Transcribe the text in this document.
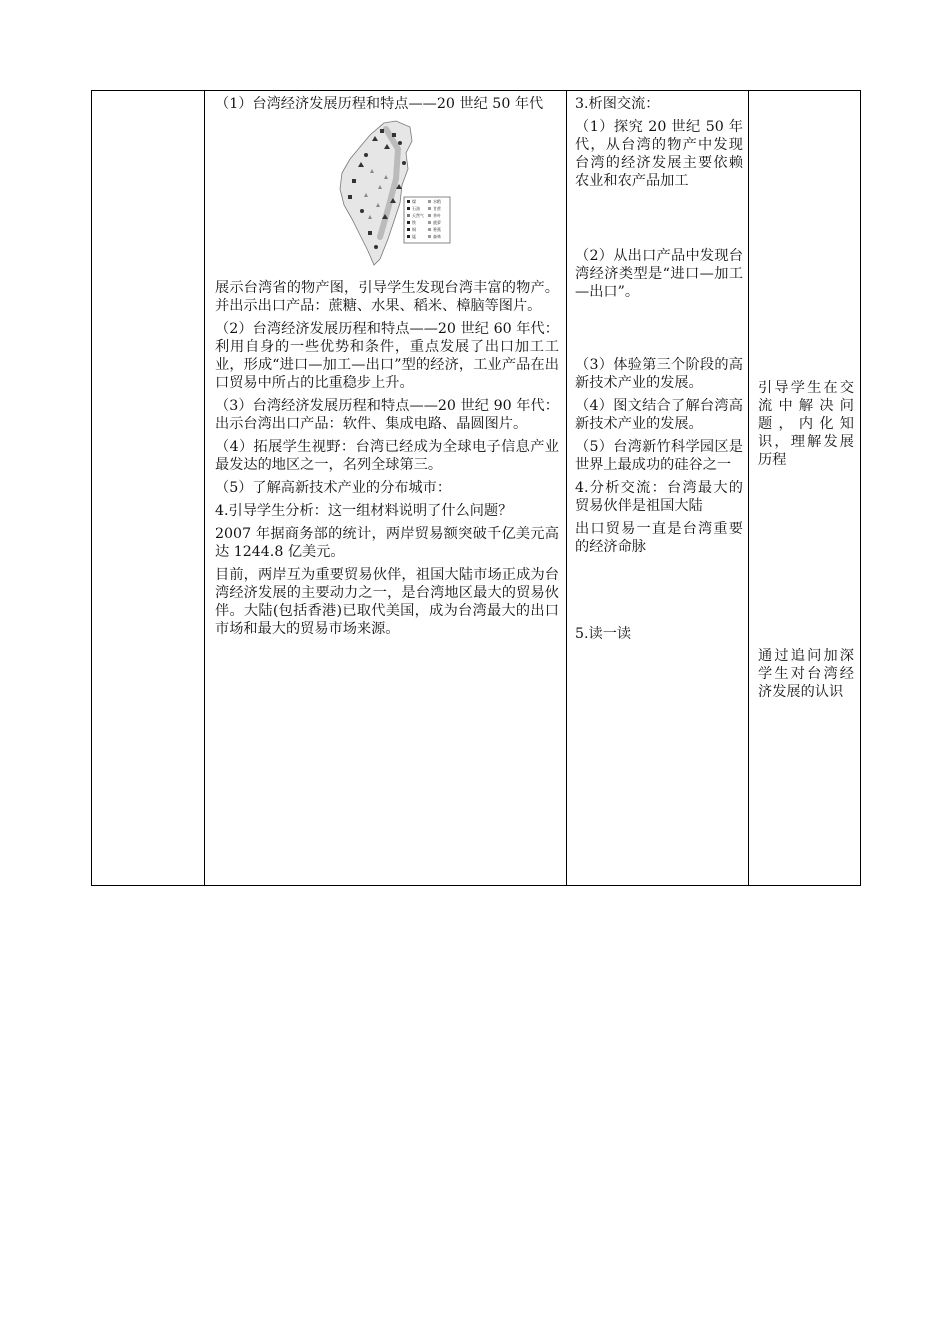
（1）台湾经济发展历程和特点——20 世纪 50 年代

煤
石油
天然气
铁
铜
锰
水稻
甘蔗
茶叶
菠萝
香蕉
森林

展示台湾省的物产图，引导学生发现台湾丰富的物产。并出示出口产品：蔗糖、水果、稻米、樟脑等图片。

（2）台湾经济发展历程和特点——20 世纪 60 年代：利用自身的一些优势和条件，重点发展了出口加工工业，形成“进口—加工—出口”型的经济，工业产品在出口贸易中所占的比重稳步上升。

（3）台湾经济发展历程和特点——20 世纪 90 年代：出示台湾出口产品：软件、集成电路、晶圆图片。

（4）拓展学生视野：台湾已经成为全球电子信息产业最发达的地区之一，名列全球第三。

（5）了解高新技术产业的分布城市：

4.引导学生分析：这一组材料说明了什么问题？

2007 年据商务部的统计，两岸贸易额突破千亿美元高达 1244.8 亿美元。

目前，两岸互为重要贸易伙伴，祖国大陆市场正成为台湾经济发展的主要动力之一，是台湾地区最大的贸易伙伴。大陆(包括香港)已取代美国，成为台湾最大的出口市场和最大的贸易市场来源。

3.析图交流：

（1）探究 20 世纪 50 年代，从台湾的物产中发现台湾的经济发展主要依赖农业和农产品加工

（2）从出口产品中发现台湾经济类型是“进口—加工—出口”。

（3）体验第三个阶段的高新技术产业的发展。

（4）图文结合了解台湾高新技术产业的发展。

（5）台湾新竹科学园区是世界上最成功的硅谷之一

4.分析交流：台湾最大的贸易伙伴是祖国大陆

出口贸易一直是台湾重要的经济命脉

5.读一读

引导学生在交流中解决问题，内化知识，理解发展历程

通过追问加深学生对台湾经济发展的认识
